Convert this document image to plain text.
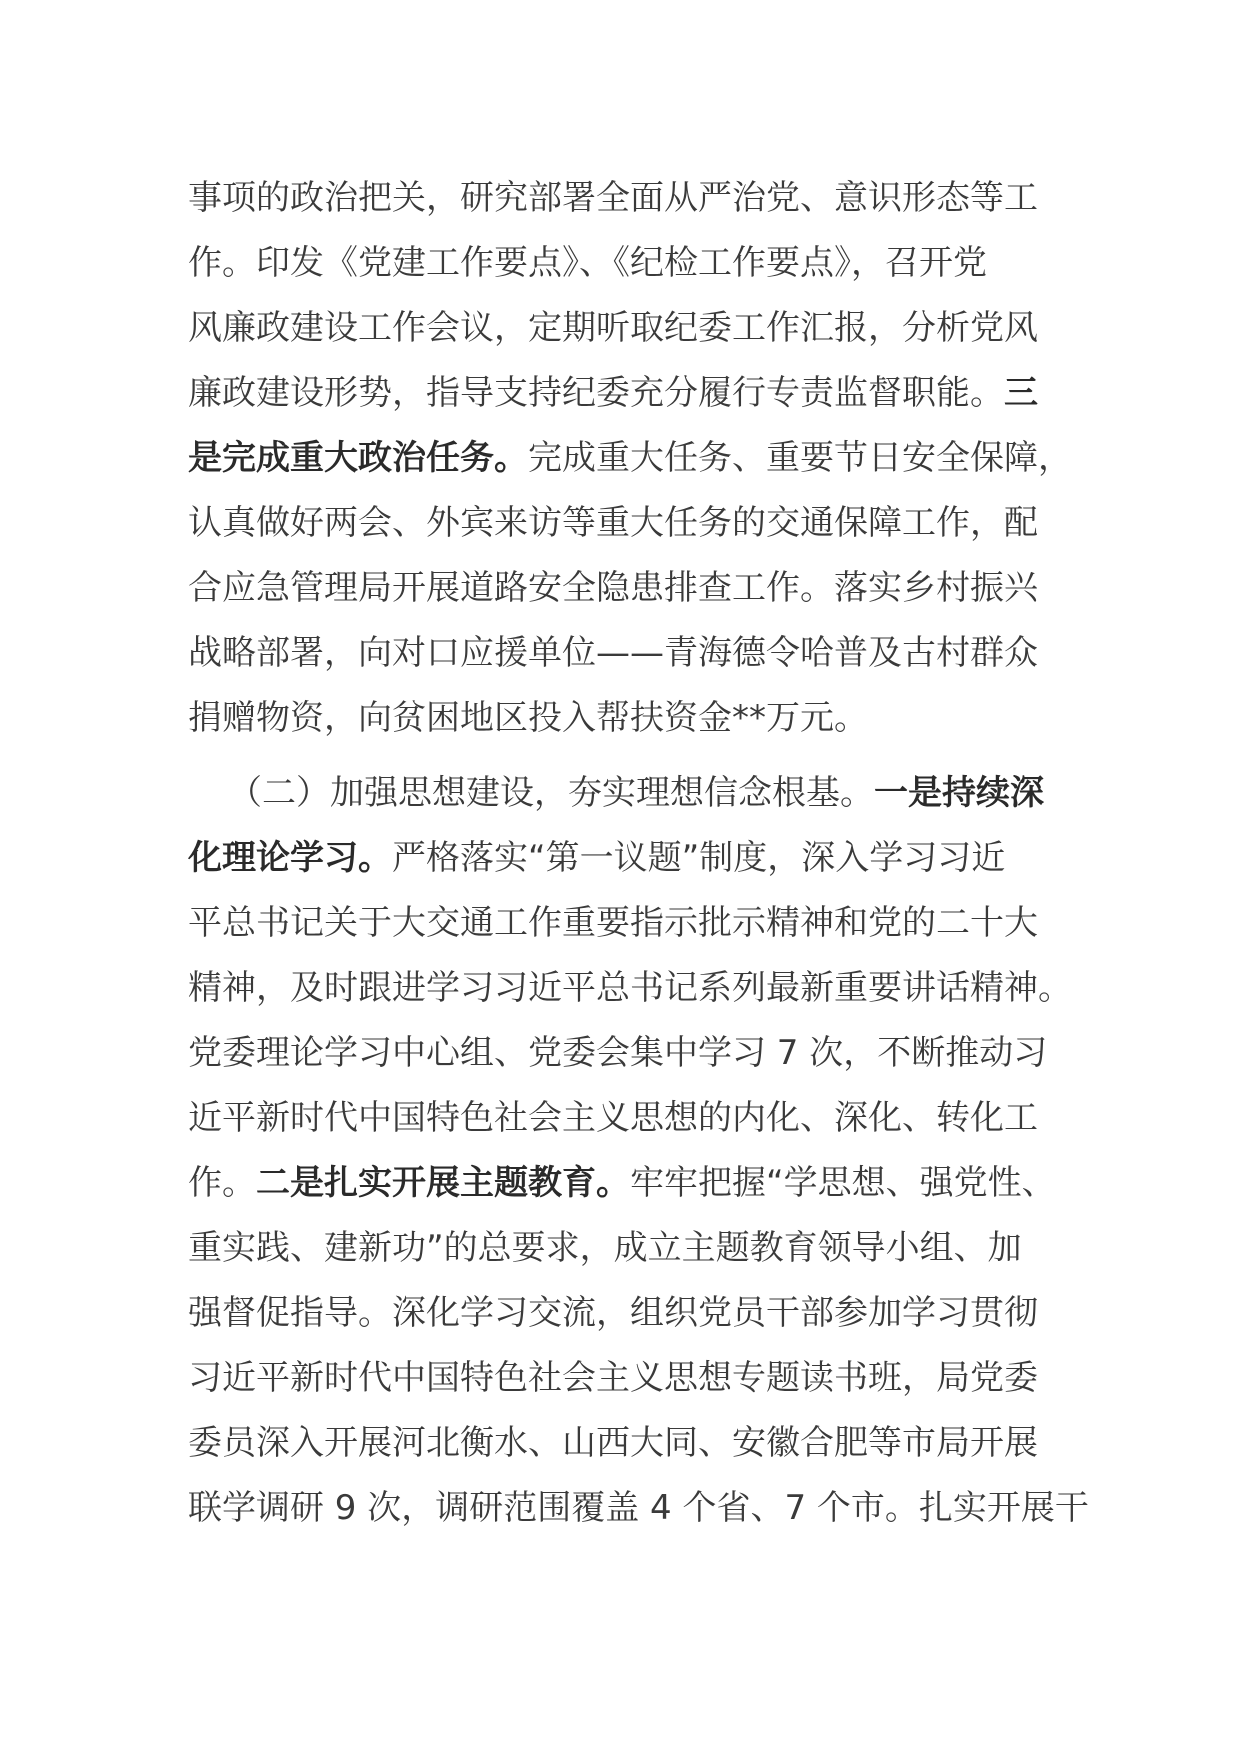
事项的政治把关，研究部署全面从严治党、意识形态等工
作。印发《党建工作要点》、《纪检工作要点》，召开党
风廉政建设工作会议，定期听取纪委工作汇报，分析党风
廉政建设形势，指导支持纪委充分履行专责监督职能。三
是完成重大政治任务。完成重大任务、重要节日安全保障，
认真做好两会、外宾来访等重大任务的交通保障工作，配
合应急管理局开展道路安全隐患排查工作。落实乡村振兴
战略部署，向对口应援单位——青海德令哈普及古村群众
捐赠物资，向贫困地区投入帮扶资金**万元。
（二）加强思想建设，夯实理想信念根基。一是持续深
化理论学习。严格落实“第一议题”制度，深入学习习近
平总书记关于大交通工作重要指示批示精神和党的二十大
精神，及时跟进学习习近平总书记系列最新重要讲话精神。
党委理论学习中心组、党委会集中学习 7 次，不断推动习
近平新时代中国特色社会主义思想的内化、深化、转化工
作。二是扎实开展主题教育。牢牢把握“学思想、强党性、
重实践、建新功”的总要求，成立主题教育领导小组、加
强督促指导。深化学习交流，组织党员干部参加学习贯彻
习近平新时代中国特色社会主义思想专题读书班，局党委
委员深入开展河北衡水、山西大同、安徽合肥等市局开展
联学调研 9 次，调研范围覆盖 4 个省、7 个市。扎实开展干
